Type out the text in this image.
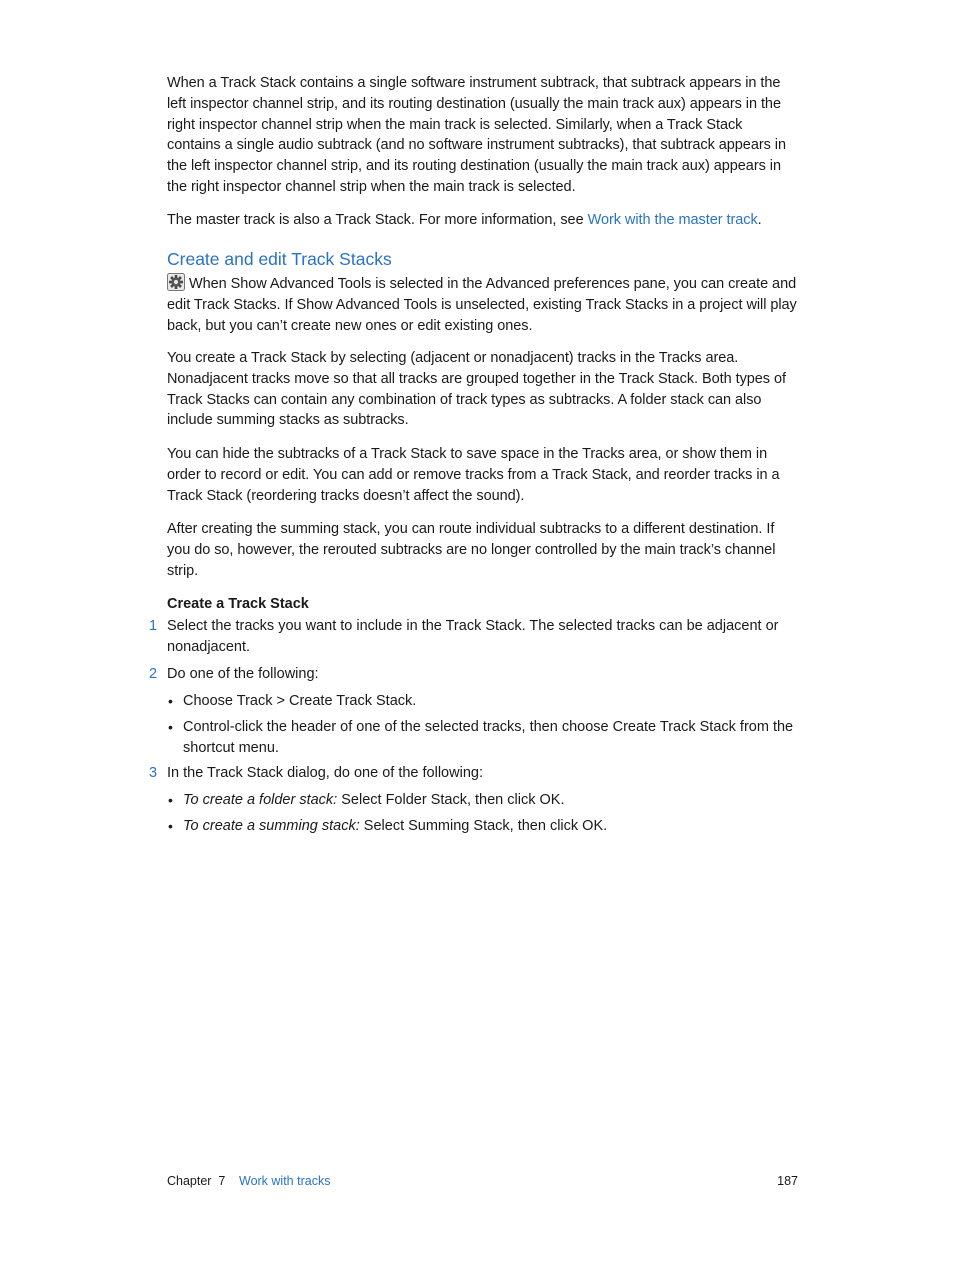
When a Track Stack contains a single software instrument subtrack, that subtrack appears in the left inspector channel strip, and its routing destination (usually the main track aux) appears in the right inspector channel strip when the main track is selected. Similarly, when a Track Stack contains a single audio subtrack (and no software instrument subtracks), that subtrack appears in the left inspector channel strip, and its routing destination (usually the main track aux) appears in the right inspector channel strip when the main track is selected.

The master track is also a Track Stack. For more information, see Work with the master track.

Create and edit Track Stacks

When Show Advanced Tools is selected in the Advanced preferences pane, you can create and edit Track Stacks. If Show Advanced Tools is unselected, existing Track Stacks in a project will play back, but you can’t create new ones or edit existing ones.

You create a Track Stack by selecting (adjacent or nonadjacent) tracks in the Tracks area. Nonadjacent tracks move so that all tracks are grouped together in the Track Stack. Both types of Track Stacks can contain any combination of track types as subtracks. A folder stack can also include summing stacks as subtracks.

You can hide the subtracks of a Track Stack to save space in the Tracks area, or show them in order to record or edit. You can add or remove tracks from a Track Stack, and reorder tracks in a Track Stack (reordering tracks doesn’t affect the sound).

After creating the summing stack, you can route individual subtracks to a different destination. If you do so, however, the rerouted subtracks are no longer controlled by the main track’s channel strip.

Create a Track Stack
1 Select the tracks you want to include in the Track Stack. The selected tracks can be adjacent or nonadjacent.
2 Do one of the following:
• Choose Track > Create Track Stack.
• Control-click the header of one of the selected tracks, then choose Create Track Stack from the shortcut menu.
3 In the Track Stack dialog, do one of the following:
• To create a folder stack: Select Folder Stack, then click OK.
• To create a summing stack: Select Summing Stack, then click OK.
Chapter  7 Work with tracks	187
